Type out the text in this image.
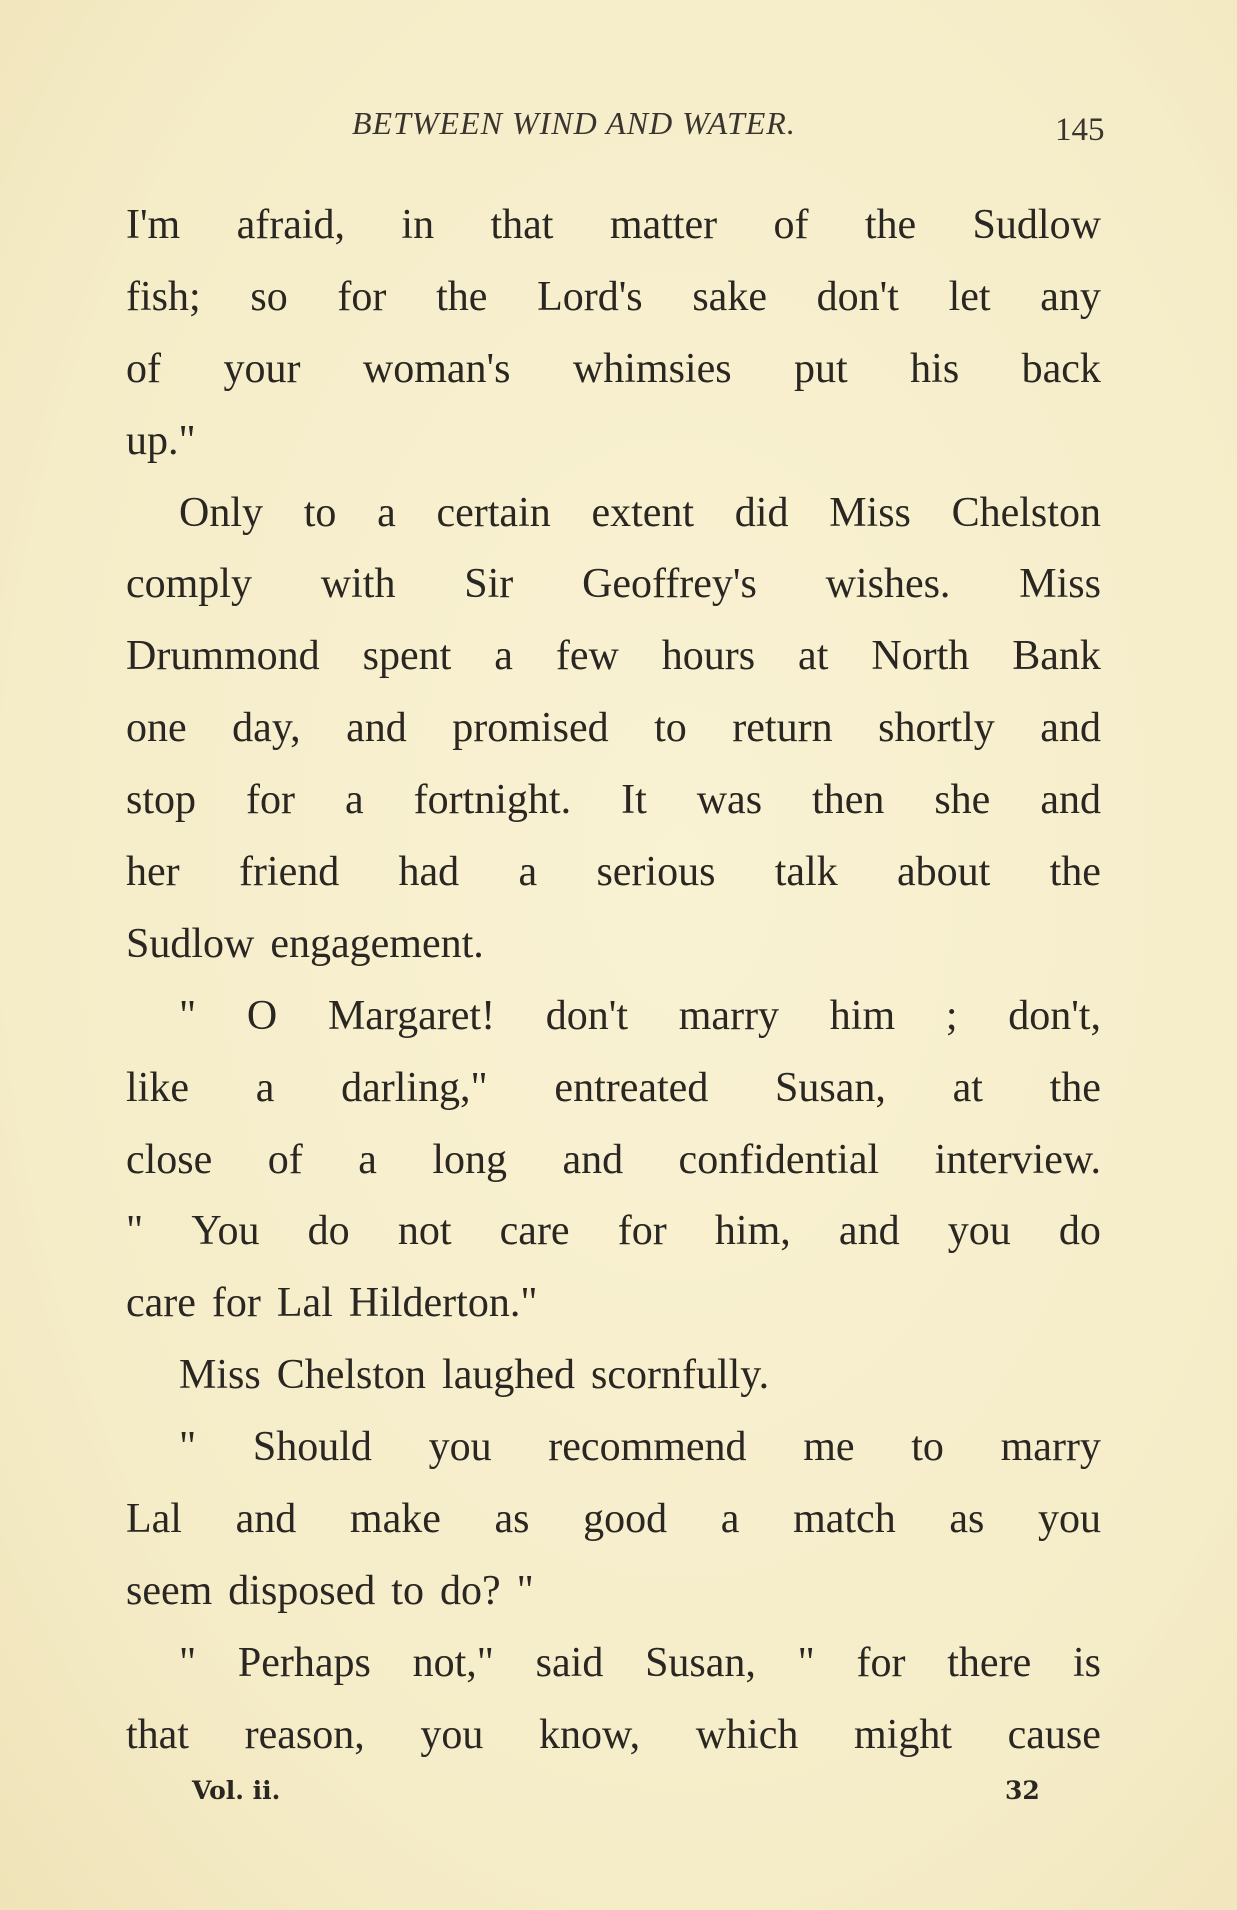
BETWEEN WIND AND WATER.	145
I'm afraid, in that matter of the Sudlow
fish; so for the Lord's sake don't let any
of your woman's whimsies put his back
up."
Only to a certain extent did Miss Chelston
comply with Sir Geoffrey's wishes. Miss
Drummond spent a few hours at North Bank
one day, and promised to return shortly and
stop for a fortnight. It was then she and
her friend had a serious talk about the
Sudlow engagement.
" O Margaret! don't marry him ; don't,
like a darling," entreated Susan, at the
close of a long and confidential interview.
" You do not care for him, and you do
care for Lal Hilderton."
Miss Chelston laughed scornfully.
" Should you recommend me to marry
Lal and make as good a match as you
seem disposed to do? "
" Perhaps not," said Susan, " for there is
that reason, you know, which might cause
Vol. ii.	32
